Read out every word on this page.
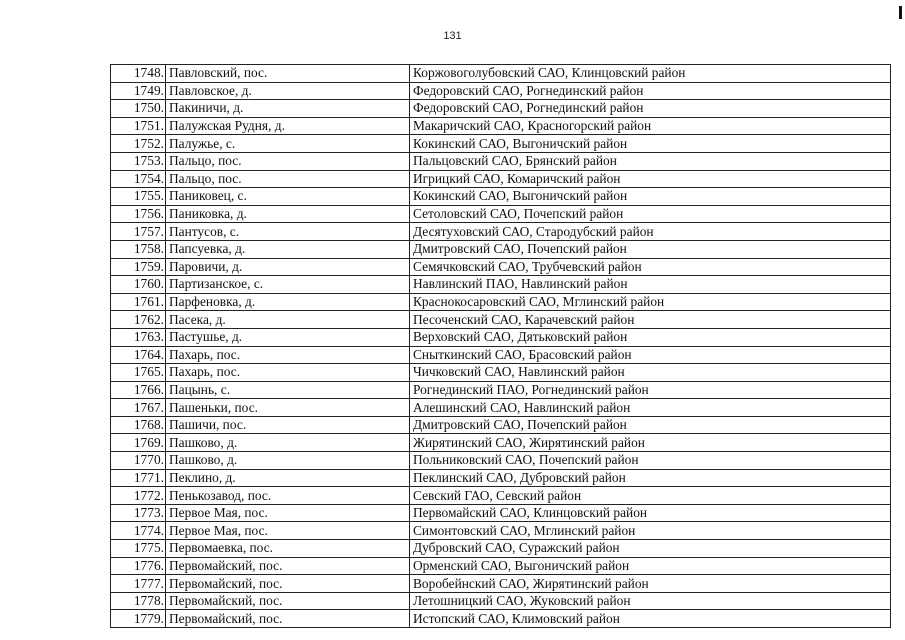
131
1748.	Павловский, пос.	Коржовоголубовский САО, Клинцовский район
1749.	Павловское, д.	Федоровский САО, Рогнединский район
1750.	Пакиничи, д.	Федоровский САО, Рогнединский район
1751.	Палужская Рудня, д.	Макаричский САО, Красногорский район
1752.	Палужье, с.	Кокинский САО, Выгоничский район
1753.	Пальцо, пос.	Пальцовский САО, Брянский район
1754.	Пальцо, пос.	Игрицкий САО, Комаричский район
1755.	Паниковец, с.	Кокинский САО, Выгоничский район
1756.	Паниковка, д.	Сетоловский САО, Почепский район
1757.	Пантусов, с.	Десятуховский САО, Стародубский район
1758.	Папсуевка, д.	Дмитровский САО, Почепский район
1759.	Паровичи, д.	Семячковский САО, Трубчевский район
1760.	Партизанское, с.	Навлинский ПАО, Навлинский район
1761.	Парфеновка, д.	Краснокосаровский САО, Мглинский район
1762.	Пасека, д.	Песоченский САО, Карачевский район
1763.	Пастушье, д.	Верховский САО, Дятьковский район
1764.	Пахарь, пос.	Сныткинский САО, Брасовский район
1765.	Пахарь, пос.	Чичковский САО, Навлинский район
1766.	Пацынь, с.	Рогнединский ПАО, Рогнединский район
1767.	Пашеньки, пос.	Алешинский САО, Навлинский район
1768.	Пашичи, пос.	Дмитровский САО, Почепский район
1769.	Пашково, д.	Жирятинский САО, Жирятинский район
1770.	Пашково, д.	Польниковский САО, Почепский район
1771.	Пеклино, д.	Пеклинский САО, Дубровский район
1772.	Пенькозавод, пос.	Севский ГАО, Севский район
1773.	Первое Мая, пос.	Первомайский САО, Клинцовский район
1774.	Первое Мая, пос.	Симонтовский САО, Мглинский район
1775.	Первомаевка, пос.	Дубровский САО, Суражский район
1776.	Первомайский, пос.	Орменский САО, Выгоничский район
1777.	Первомайский, пос.	Воробейнский САО, Жирятинский район
1778.	Первомайский, пос.	Летошницкий САО, Жуковский район
1779.	Первомайский, пос.	Истопский САО, Климовский район
